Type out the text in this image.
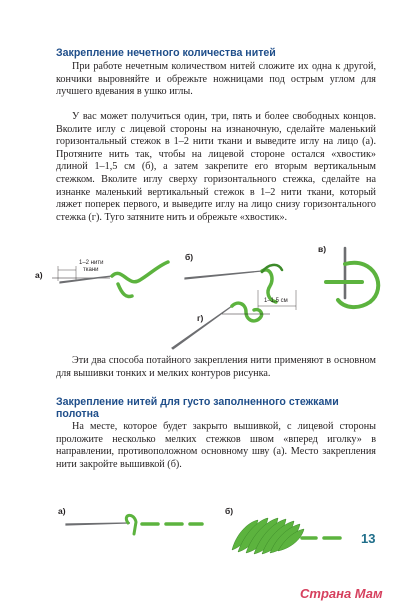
Закрепление нечетного количества нитей

При работе нечетным количеством нитей сложите их одна к другой, кончики выровняйте и обрежьте ножницами под острым углом для лучшего вдевания в ушко иглы.

У вас может получиться один, три, пять и более свободных концов. Вколите иглу с лицевой стороны на изнаночную, сделайте маленький горизонтальный стежок в 1–2 нити ткани и выведите иглу на лицо (а). Протяните нить так, чтобы на лицевой стороне остался «хвостик» длиной 1–1,5 см (б), а затем закрепите его вторым вертикальным стежком. Вколите иглу сверху горизонтального стежка, сделайте на изнанке маленький вертикальный стежок в 1–2 нити ткани, который ляжет поперек первого, и выведите иглу на лицо снизу горизонтального стежка (г). Туго затяните нить и обрежьте «хвостик».

а)
1–2 нити
ткани
б)
1–1,5 см
в)
г)

Эти два способа потайного закрепления нити применяют в основном для вышивки тонких и мелких контуров рисунка.

Закрепление нитей для густо заполненного стежками
полотна

На месте, которое будет закрыто вышивкой, с лицевой стороны проложите несколько мелких стежков швом «вперед иголку» в направлении, противоположном основному шву (а). Место закрепления нити закройте вышивкой (б).

а)	б)
13
Страна Мам
